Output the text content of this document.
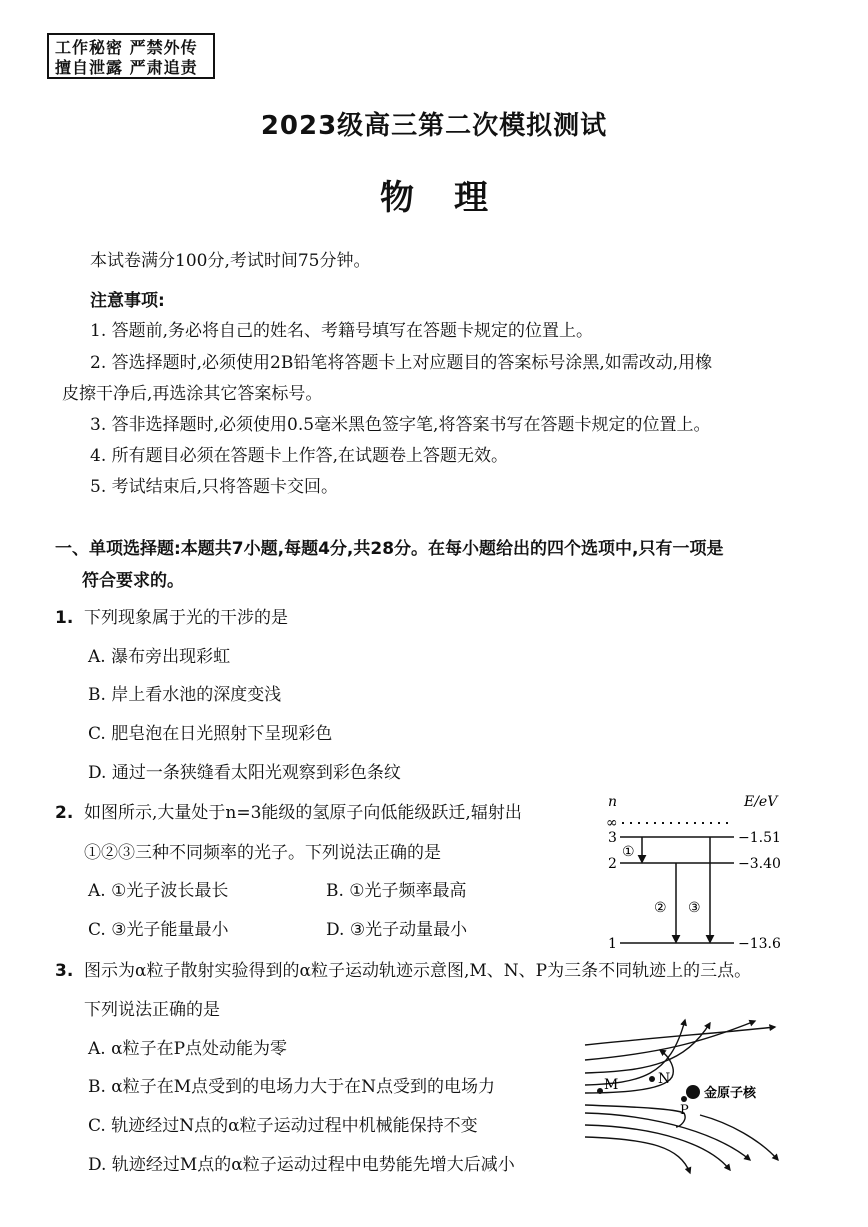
工作秘密 严禁外传
擅自泄露 严肃追责
2023级高三第二次模拟测试
物理
本试卷满分100分,考试时间75分钟。
注意事项:
1. 答题前,务必将自己的姓名、考籍号填写在答题卡规定的位置上。
2. 答选择题时,必须使用2B铅笔将答题卡上对应题目的答案标号涂黑,如需改动,用橡
皮擦干净后,再选涂其它答案标号。
3. 答非选择题时,必须使用0.5毫米黑色签字笔,将答案书写在答题卡规定的位置上。
4. 所有题目必须在答题卡上作答,在试题卷上答题无效。
5. 考试结束后,只将答题卡交回。
一、单项选择题:本题共7小题,每题4分,共28分。在每小题给出的四个选项中,只有一项是
符合要求的。
1. 下列现象属于光的干涉的是
A. 瀑布旁出现彩虹
B. 岸上看水池的深度变浅
C. 肥皂泡在日光照射下呈现彩色
D. 通过一条狭缝看太阳光观察到彩色条纹
2. 如图所示,大量处于n=3能级的氢原子向低能级跃迁,辐射出
①②③三种不同频率的光子。下列说法正确的是
A. ①光子波长最长	B. ①光子频率最高
C. ③光子能量最小	D. ③光子动量最小
n	E/eV
∞
3	−1.51
2	−3.40
1	−13.6
①
② ③
3. 图示为α粒子散射实验得到的α粒子运动轨迹示意图,M、N、P为三条不同轨迹上的三点。
下列说法正确的是
A. α粒子在P点处动能为零
B. α粒子在M点受到的电场力大于在N点受到的电场力
C. 轨迹经过N点的α粒子运动过程中机械能保持不变
D. 轨迹经过M点的α粒子运动过程中电势能先增大后减小
M	N
P
金原子核
